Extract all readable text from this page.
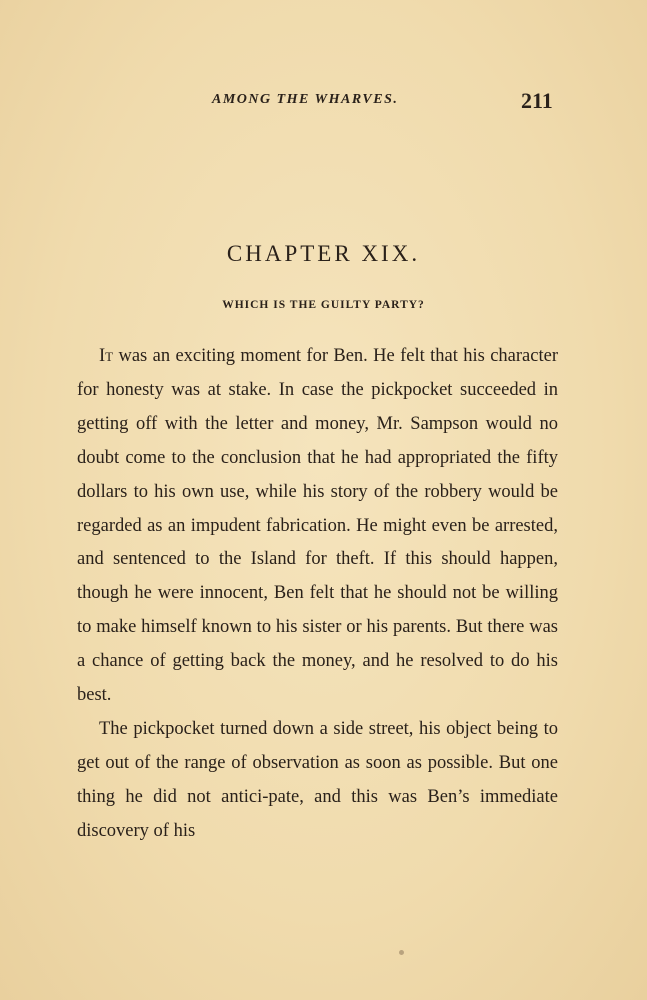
AMONG THE WHARVES.	211
CHAPTER XIX.
WHICH IS THE GUILTY PARTY?

It was an exciting moment for Ben. He felt that his character for honesty was at stake. In case the pickpocket succeeded in getting off with the letter and money, Mr. Sampson would no doubt come to the conclusion that he had appropriated the fifty dollars to his own use, while his story of the robbery would be regarded as an impudent fabrication. He might even be arrested, and sentenced to the Island for theft. If this should happen, though he were innocent, Ben felt that he should not be willing to make himself known to his sister or his parents. But there was a chance of getting back the money, and he resolved to do his best.

The pickpocket turned down a side street, his object being to get out of the range of observation as soon as possible. But one thing he did not antici-pate, and this was Ben’s immediate discovery of his
